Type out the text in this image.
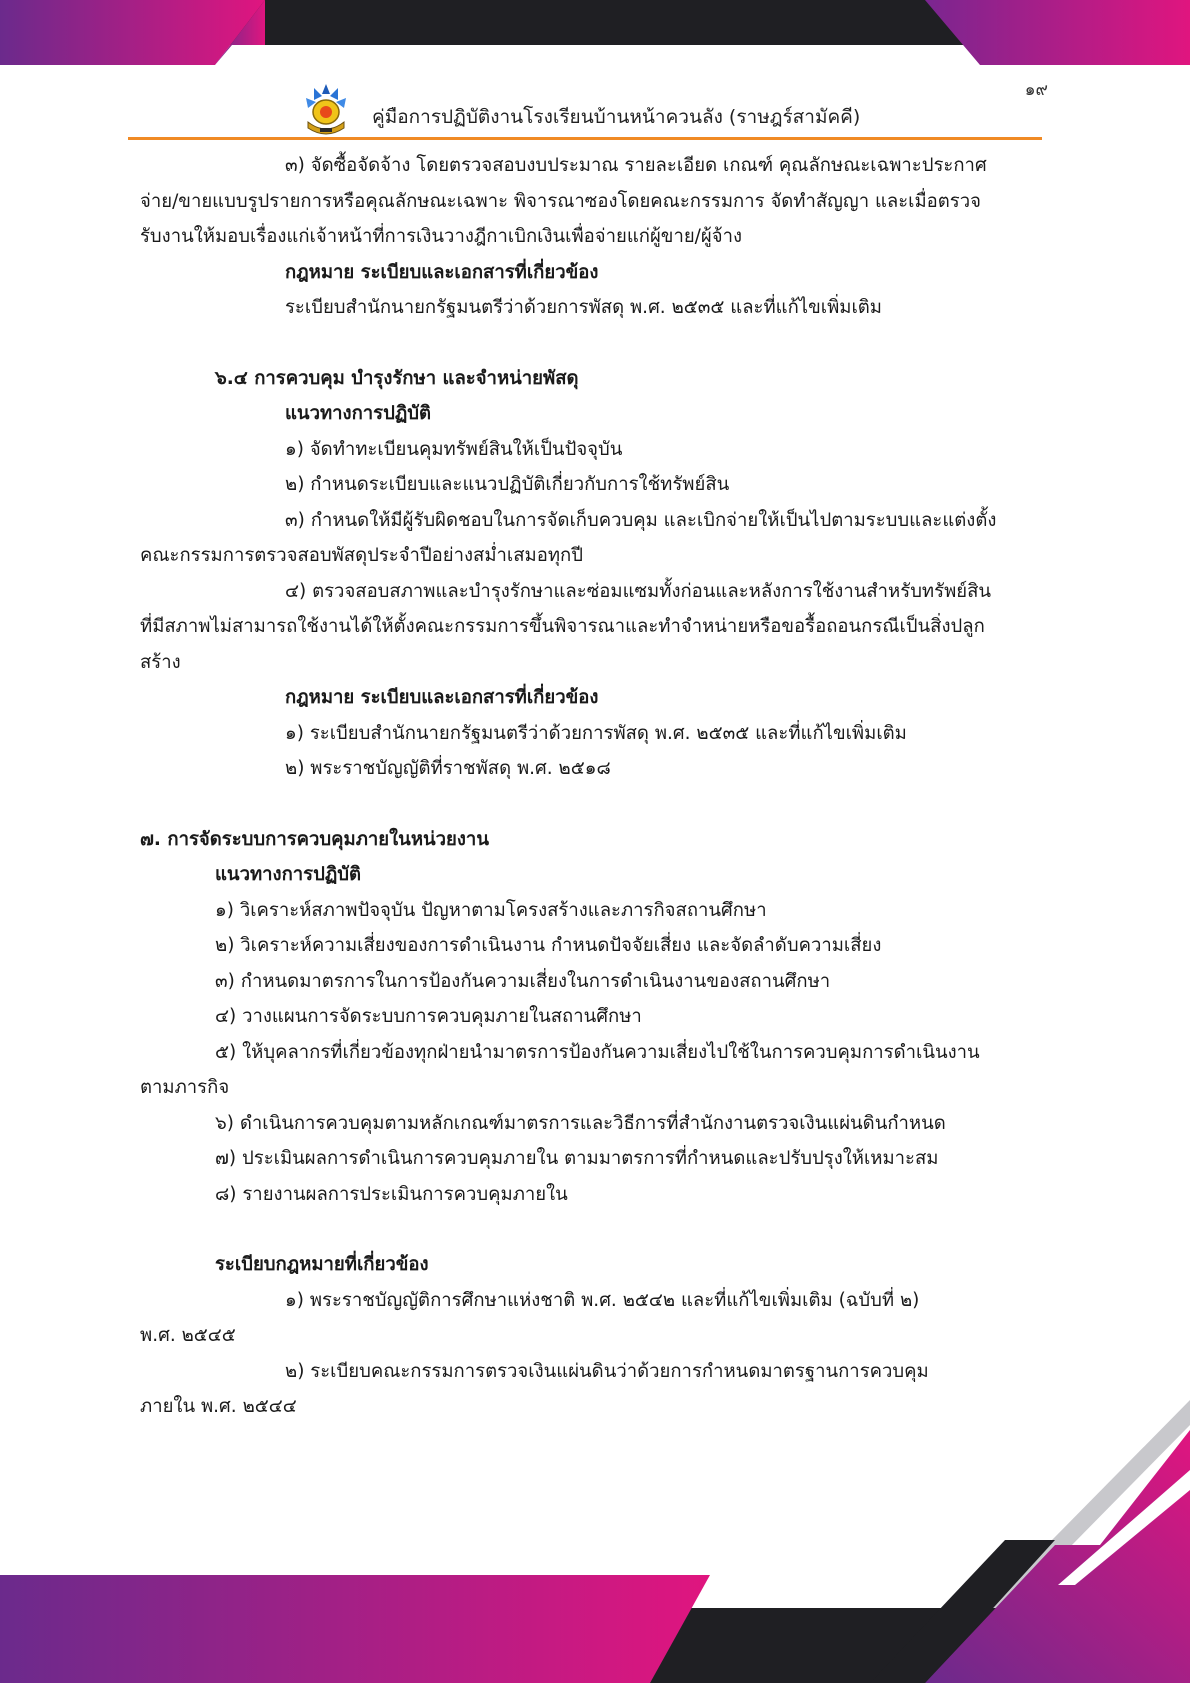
๑๙
คู่มือการปฏิบัติงานโรงเรียนบ้านหน้าควนลัง (ราษฎร์สามัคคี)

๓) จัดซื้อจัดจ้าง โดยตรวจสอบงบประมาณ รายละเอียด เกณฑ์ คุณลักษณะเฉพาะประกาศ

จ่าย/ขายแบบรูปรายการหรือคุณลักษณะเฉพาะ พิจารณาซองโดยคณะกรรมการ จัดทำสัญญา และเมื่อตรวจ

รับงานให้มอบเรื่องแก่เจ้าหน้าที่การเงินวางฎีกาเบิกเงินเพื่อจ่ายแก่ผู้ขาย/ผู้จ้าง

กฎหมาย ระเบียบและเอกสารที่เกี่ยวข้อง

ระเบียบสำนักนายกรัฐมนตรีว่าด้วยการพัสดุ พ.ศ. ๒๕๓๕ และที่แก้ไขเพิ่มเติม

๖.๔ การควบคุม บำรุงรักษา และจำหน่ายพัสดุ

แนวทางการปฏิบัติ

๑) จัดทำทะเบียนคุมทรัพย์สินให้เป็นปัจจุบัน

๒) กำหนดระเบียบและแนวปฏิบัติเกี่ยวกับการใช้ทรัพย์สิน

๓) กำหนดให้มีผู้รับผิดชอบในการจัดเก็บควบคุม และเบิกจ่ายให้เป็นไปตามระบบและแต่งตั้ง

คณะกรรมการตรวจสอบพัสดุประจำปีอย่างสม่ำเสมอทุกปี

๔) ตรวจสอบสภาพและบำรุงรักษาและซ่อมแซมทั้งก่อนและหลังการใช้งานสำหรับทรัพย์สิน

ที่มีสภาพไม่สามารถใช้งานได้ให้ตั้งคณะกรรมการขึ้นพิจารณาและทำจำหน่ายหรือขอรื้อถอนกรณีเป็นสิ่งปลูก

สร้าง

กฎหมาย ระเบียบและเอกสารที่เกี่ยวข้อง

๑) ระเบียบสำนักนายกรัฐมนตรีว่าด้วยการพัสดุ พ.ศ. ๒๕๓๕ และที่แก้ไขเพิ่มเติม

๒) พระราชบัญญัติที่ราชพัสดุ พ.ศ. ๒๕๑๘

๗. การจัดระบบการควบคุมภายในหน่วยงาน

แนวทางการปฏิบัติ

๑) วิเคราะห์สภาพปัจจุบัน ปัญหาตามโครงสร้างและภารกิจสถานศึกษา

๒) วิเคราะห์ความเสี่ยงของการดำเนินงาน กำหนดปัจจัยเสี่ยง และจัดลำดับความเสี่ยง

๓) กำหนดมาตรการในการป้องกันความเสี่ยงในการดำเนินงานของสถานศึกษา

๔) วางแผนการจัดระบบการควบคุมภายในสถานศึกษา

๕) ให้บุคลากรที่เกี่ยวข้องทุกฝ่ายนำมาตรการป้องกันความเสี่ยงไปใช้ในการควบคุมการดำเนินงาน

ตามภารกิจ

๖) ดำเนินการควบคุมตามหลักเกณฑ์มาตรการและวิธีการที่สำนักงานตรวจเงินแผ่นดินกำหนด

๗) ประเมินผลการดำเนินการควบคุมภายใน ตามมาตรการที่กำหนดและปรับปรุงให้เหมาะสม

๘) รายงานผลการประเมินการควบคุมภายใน

ระเบียบกฎหมายที่เกี่ยวข้อง

๑) พระราชบัญญัติการศึกษาแห่งชาติ พ.ศ. ๒๕๔๒ และที่แก้ไขเพิ่มเติม (ฉบับที่ ๒)

พ.ศ. ๒๕๔๕

๒) ระเบียบคณะกรรมการตรวจเงินแผ่นดินว่าด้วยการกำหนดมาตรฐานการควบคุม

ภายใน พ.ศ. ๒๕๔๔
